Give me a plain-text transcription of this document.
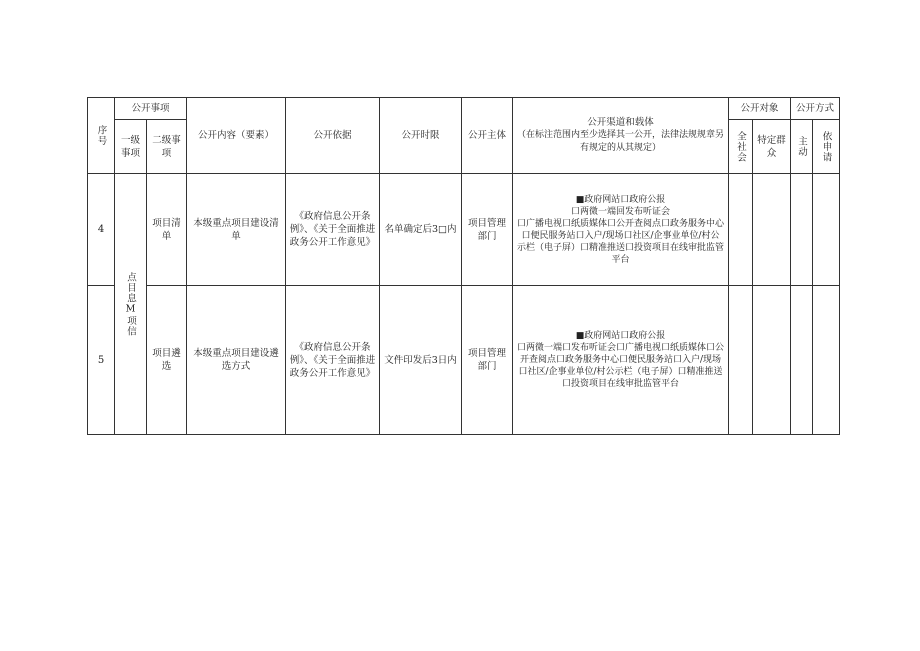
序号	公开事项		公开内容（要素）	公开依据	公开时限	公开主体	公开渠道和载体
（在标注范围内至少选择其一公开，法律法规规章另有规定的从其规定）	公开对象		公开方式	
	一级事项	二级事项						全社会	特定群众	主动	依申请

4	点目息M项信	项目清单	本级重点项目建设清单	《政府信息公开条例》、《关于全面推进政务公开工作意见》	名单确定后3□内	项目管理部门	■政府网站口政府公报
口两微一端回发布听证会
口广播电视口纸质媒体口公开查阅点口政务服务中心口便民服务站口入户/现场口社区/企事业单位/村公示栏（电子屏）口精准推送口投资项目在线审批监管平台				
5		项目遴选	本级重点项目建设遴选方式	《政府信息公开条例》、《关于全面推进政务公开工作意见》	文件印发后3日内	项目管理部门	■政府网站口政府公报
口两微一端口发布听证会口广播电视口纸质媒体口公开查阅点口政务服务中心口便民服务站口入户/现场口社区/企事业单位/村公示栏（电子屏）口精准推送　　　　口投资项目在线审批监管平台				
